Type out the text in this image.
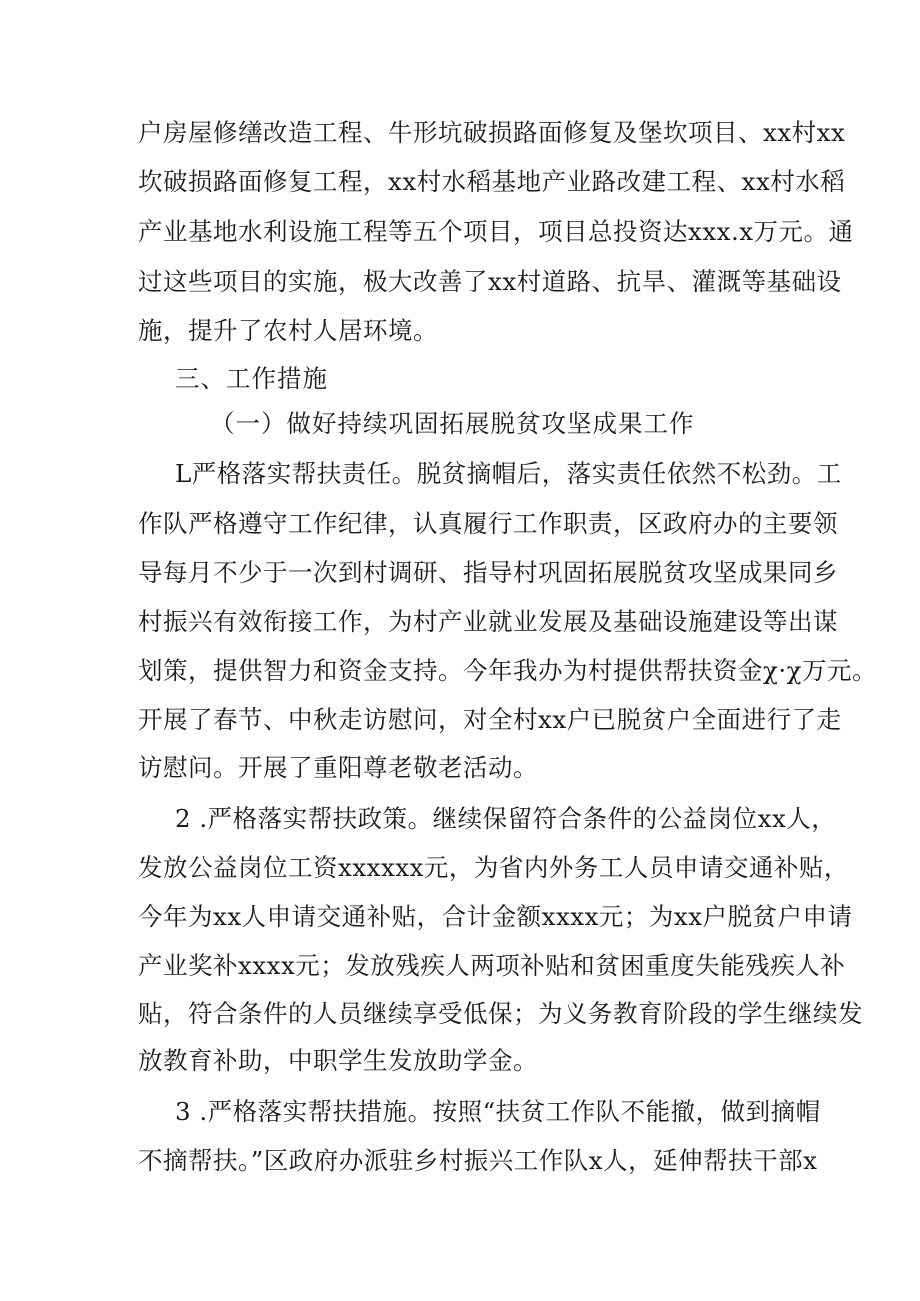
户房屋修缮改造工程、牛形坑破损路面修复及堡坎项目、xx村xx
坎破损路面修复工程，xx村水稻基地产业路改建工程、xx村水稻
产业基地水利设施工程等五个项目，项目总投资达xxx.x万元。通
过这些项目的实施，极大改善了xx村道路、抗旱、灌溉等基础设
施，提升了农村人居环境。
三、工作措施
（一）做好持续巩固拓展脱贫攻坚成果工作
L严格落实帮扶责任。脱贫摘帽后，落实责任依然不松劲。工
作队严格遵守工作纪律，认真履行工作职责，区政府办的主要领
导每月不少于一次到村调研、指导村巩固拓展脱贫攻坚成果同乡
村振兴有效衔接工作，为村产业就业发展及基础设施建设等出谋
划策，提供智力和资金支持。今年我办为村提供帮扶资金χ·χ万元。
开展了春节、中秋走访慰问，对全村xx户已脱贫户全面进行了走
访慰问。开展了重阳尊老敬老活动。
2 .严格落实帮扶政策。继续保留符合条件的公益岗位xx人，
发放公益岗位工资xxxxxx元，为省内外务工人员申请交通补贴，
今年为xx人申请交通补贴，合计金额xxxx元；为xx户脱贫户申请
产业奖补xxxx元；发放残疾人两项补贴和贫困重度失能残疾人补
贴，符合条件的人员继续享受低保；为义务教育阶段的学生继续发
放教育补助，中职学生发放助学金。
3 .严格落实帮扶措施。按照“扶贫工作队不能撤，做到摘帽
不摘帮扶。”区政府办派驻乡村振兴工作队x人，延伸帮扶干部x
